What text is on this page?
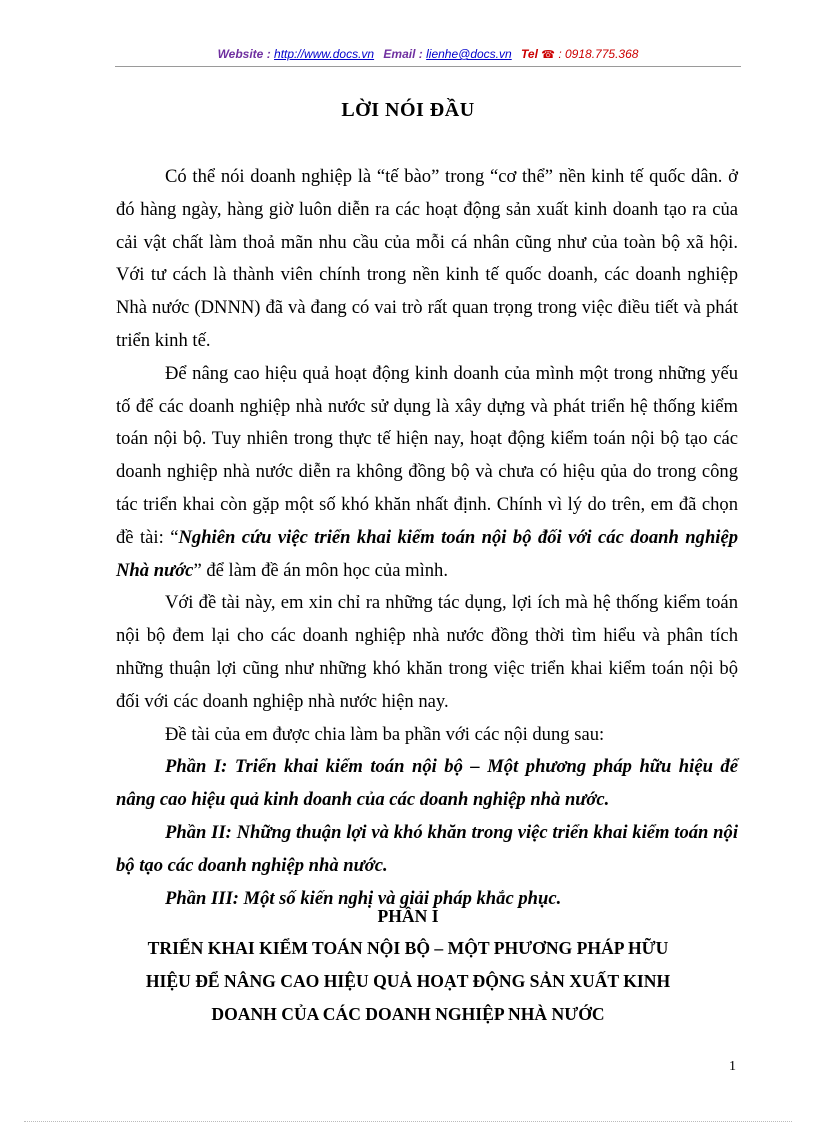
Website : http://www.docs.vn Email : lienhe@docs.vn Tel ☎ : 0918.775.368
LỜI NÓI ĐẦU

Có thể nói doanh nghiệp là “tế bào” trong “cơ thể” nền kinh tế quốc dân. ở đó hàng ngày, hàng giờ luôn diễn ra các hoạt động sản xuất kinh doanh tạo ra của cải vật chất làm thoả mãn nhu cầu của mỗi cá nhân cũng như của toàn bộ xã hội. Với tư cách là thành viên chính trong nền kinh tế quốc doanh, các doanh nghiệp Nhà nước (DNNN) đã và đang có vai trò rất quan trọng trong việc điều tiết và phát triển kinh tế.

Để nâng cao hiệu quả hoạt động kinh doanh của mình một trong những yếu tố để các doanh nghiệp nhà nước sử dụng là xây dựng và phát triển hệ thống kiểm toán nội bộ. Tuy nhiên trong thực tế hiện nay, hoạt động kiểm toán nội bộ tạo các doanh nghiệp nhà nước diễn ra không đồng bộ và chưa có hiệu qủa do trong công tác triển khai còn gặp một số khó khăn nhất định. Chính vì lý do trên, em đã chọn đề tài: “Nghiên cứu việc triển khai kiểm toán nội bộ đối với các doanh nghiệp Nhà nước” để làm đề án môn học của mình.

Với đề tài này, em xin chỉ ra những tác dụng, lợi ích mà hệ thống kiểm toán nội bộ đem lại cho các doanh nghiệp nhà nước đồng thời tìm hiểu và phân tích những thuận lợi cũng như những khó khăn trong việc triển khai kiểm toán nội bộ đối với các doanh nghiệp nhà nước hiện nay.

Đề tài của em được chia làm ba phần với các nội dung sau:

Phần I: Triển khai kiểm toán nội bộ – Một phương pháp hữu hiệu để nâng cao hiệu quả kinh doanh của các doanh nghiệp nhà nước.

Phần II: Những thuận lợi và khó khăn trong việc triển khai kiểm toán nội bộ tạo các doanh nghiệp nhà nước.

Phần III: Một số kiến nghị và giải pháp khắc phục.

PHẦN I
TRIỂN KHAI KIỂM TOÁN NỘI BỘ – MỘT PHƯƠNG PHÁP HỮU
HIỆU ĐỂ NÂNG CAO HIỆU QUẢ HOẠT ĐỘNG SẢN XUẤT KINH
DOANH CỦA CÁC DOANH NGHIỆP NHÀ NƯỚC
1
